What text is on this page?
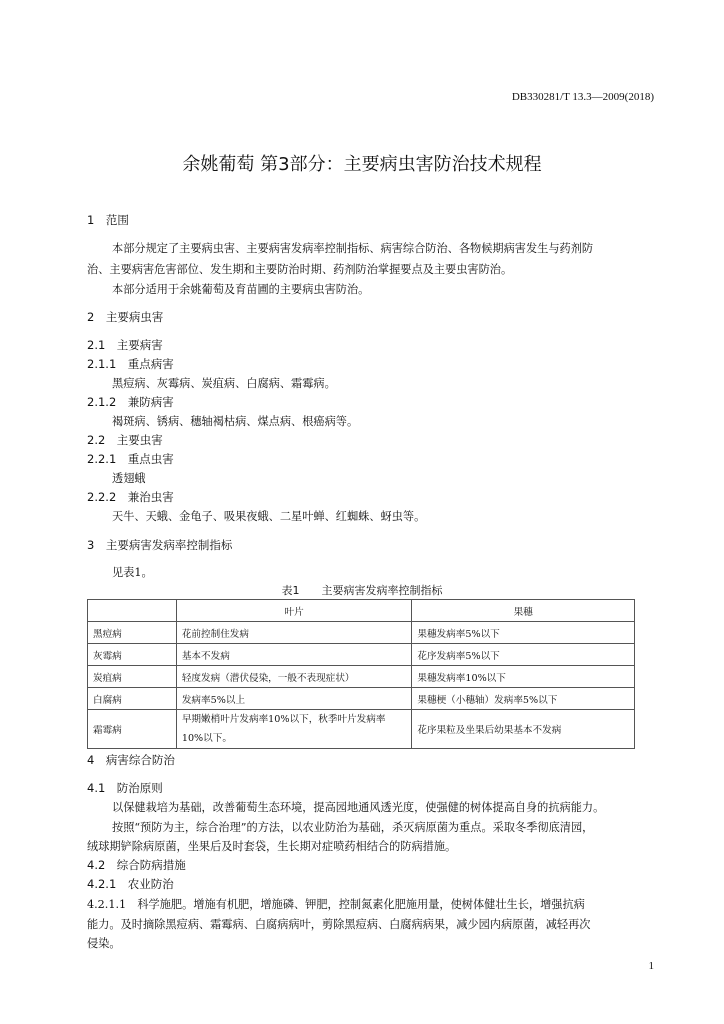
DB330281/T 13.3—2009(2018)
余姚葡萄 第3部分：主要病虫害防治技术规程
1　范围
本部分规定了主要病虫害、主要病害发病率控制指标、病害综合防治、各物候期病害发生与药剂防
治、主要病害危害部位、发生期和主要防治时期、药剂防治掌握要点及主要虫害防治。
本部分适用于余姚葡萄及育苗圃的主要病虫害防治。
2　主要病虫害
2.1　主要病害
2.1.1　重点病害
黑痘病、灰霉病、炭疽病、白腐病、霜霉病。
2.1.2　兼防病害
褐斑病、锈病、穗轴褐枯病、煤点病、根癌病等。
2.2　主要虫害
2.2.1　重点虫害
透翅蛾
2.2.2　兼治虫害
天牛、天蛾、金龟子、吸果夜蛾、二星叶蝉、红蜘蛛、蚜虫等。
3　主要病害发病率控制指标
见表1。
表1　　主要病害发病率控制指标
	叶片	果穗
黑痘病	花前控制住发病	果穗发病率5%以下
灰霉病	基本不发病	花序发病率5%以下
炭疽病	轻度发病（潜伏侵染，一般不表现症状）	果穗发病率10%以下
白腐病	发病率5%以上	果穗梗（小穗轴）发病率5%以下
霜霉病	早期嫩梢叶片发病率10%以下，秋季叶片发病率
10%以下。	花序果粒及坐果后幼果基本不发病
4　病害综合防治
4.1　防治原则
以保健栽培为基础，改善葡萄生态环境，提高园地通风透光度，使强健的树体提高自身的抗病能力。
按照“预防为主，综合治理”的方法，以农业防治为基础，杀灭病原菌为重点。采取冬季彻底清园，
绒球期铲除病原菌，坐果后及时套袋，生长期对症喷药相结合的防病措施。
4.2　综合防病措施
4.2.1　农业防治
4.2.1.1　科学施肥。增施有机肥，增施磷、钾肥，控制氮素化肥施用量，使树体健壮生长，增强抗病
能力。及时摘除黑痘病、霜霉病、白腐病病叶，剪除黑痘病、白腐病病果，减少园内病原菌，减轻再次
侵染。
1
